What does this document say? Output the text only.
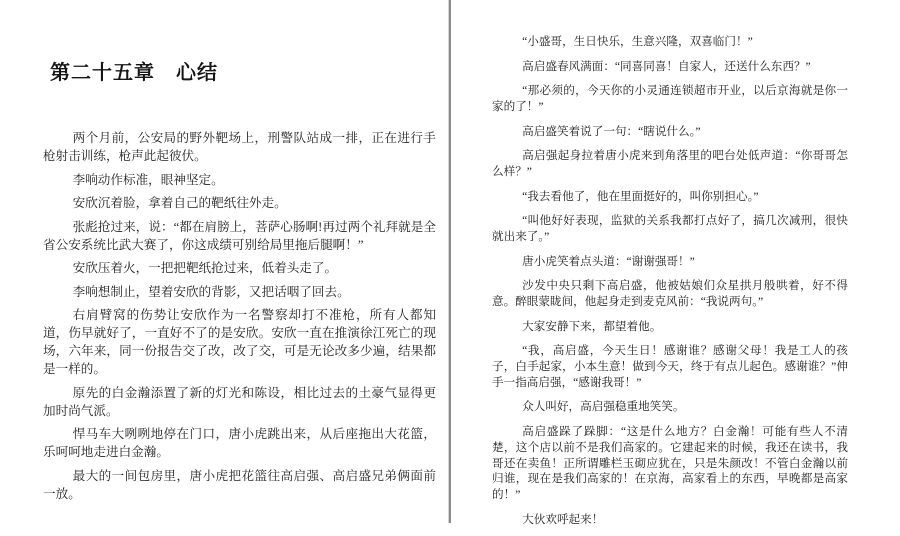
第二十五章　心结

两个月前，公安局的野外靶场上，刑警队站成一排，正在进行手枪射击训练，枪声此起彼伏。

李响动作标准，眼神坚定。

安欣沉着脸，拿着自己的靶纸往外走。

张彪抢过来，说：“都在肩膀上，菩萨心肠啊!再过两个礼拜就是全省公安系统比武大赛了，你这成绩可别给局里拖后腿啊！”

安欣压着火，一把把靶纸抢过来，低着头走了。

李响想制止，望着安欣的背影，又把话咽了回去。

右肩臂窝的伤势让安欣作为一名警察却打不准枪，所有人都知道，伤早就好了，一直好不了的是安欣。安欣一直在推演徐江死亡的现场，六年来，同一份报告交了改，改了交，可是无论改多少遍，结果都是一样的。

原先的白金瀚添置了新的灯光和陈设，相比过去的土豪气显得更加时尚气派。

悍马车大咧咧地停在门口，唐小虎跳出来，从后座拖出大花篮，乐呵呵地走进白金瀚。

最大的一间包房里，唐小虎把花篮往高启强、高启盛兄弟俩面前一放。

“小盛哥，生日快乐，生意兴隆，双喜临门！”

高启盛春风满面：“同喜同喜！自家人，还送什么东西？”

“那必须的，今天你的小灵通连锁超市开业，以后京海就是你一家的了！”

高启盛笑着说了一句：“瞎说什么。”

高启强起身拉着唐小虎来到角落里的吧台处低声道：“你哥哥怎么样？”

“我去看他了，他在里面挺好的，叫你别担心。”

“叫他好好表现，监狱的关系我都打点好了，搞几次减刑，很快就出来了。”

唐小虎笑着点头道：“谢谢强哥！”

沙发中央只剩下高启盛，他被姑娘们众星拱月般哄着，好不得意。醉眼蒙眬间，他起身走到麦克风前：“我说两句。”

大家安静下来，都望着他。

“我，高启盛，今天生日！感谢谁？感谢父母！我是工人的孩子，白手起家，小本生意！做到今天，终于有点儿起色。感谢谁？”伸手一指高启强，“感谢我哥！”

众人叫好，高启强稳重地笑笑。

高启盛跺了跺脚：“这是什么地方？白金瀚！可能有些人不清楚，这个店以前不是我们高家的。它建起来的时候，我还在读书，我哥还在卖鱼！正所谓雕栏玉砌应犹在，只是朱颜改！不管白金瀚以前归谁，现在是我们高家的！在京海，高家看上的东西，早晚都是高家的！”

大伙欢呼起来！
